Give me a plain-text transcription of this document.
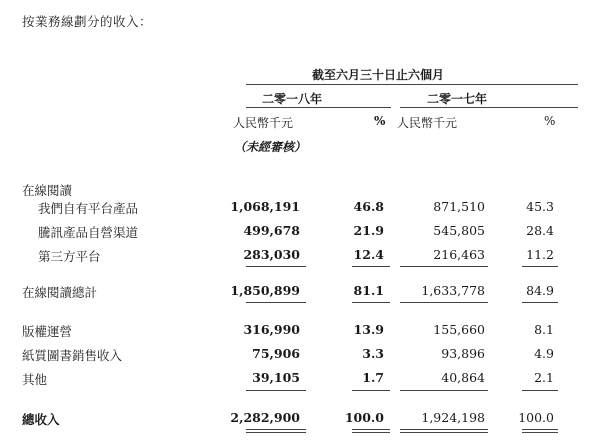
按業務線劃分的收入：
截至六月三十日止六個月
二零一八年	二零一七年
人民幣千元	% 人民幣千元	%
（未經審核）
在線閱讀
我們自有平台產品	1,068,191	46.8	871,510	45.3
騰訊產品自營渠道	499,678	21.9	545,805	28.4
第三方平台	283,030	12.4	216,463	11.2
在線閱讀總計	1,850,899	81.1	1,633,778	84.9
版權運營	316,990	13.9	155,660	8.1
紙質圖書銷售收入	75,906	3.3	93,896	4.9
其他	39,105	1.7	40,864	2.1
總收入	2,282,900	100.0	1,924,198	100.0
